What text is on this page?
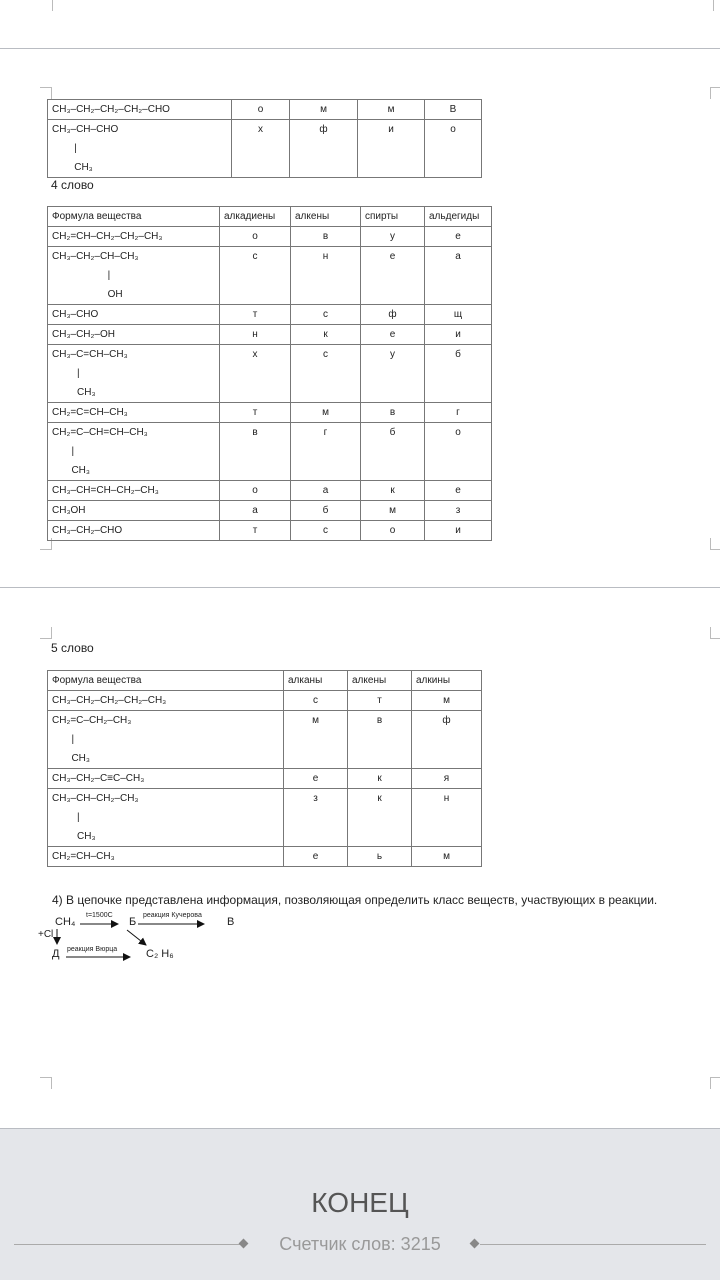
CH₃–CH₂–CH₂–CH₂–CHO	о	м	м	В

CH₃–CH–CHO
|
CH₃	х	ф	и	о
4 слово
Формула вещества	алкадиены	алкены	спирты	альдегиды

CH₂=CH–CH₂–CH₂–CH₃	о	в	у	е

CH₃–CH₂–CH–CH₃
|
OH	с	н	е	а

CH₃–CHO	т	с	ф	щ

CH₃–CH₂–OH	н	к	е	и

CH₃–C=CH–CH₃
|
CH₃	х	с	у	б

CH₂=C=CH–CH₃	т	м	в	г

CH₂=C–CH=CH–CH₃
|
CH₃	в	г	б	о

CH₃–CH=CH–CH₂–CH₃	о	а	к	е

CH₃OH	а	б	м	з

CH₃–CH₂–CHO	т	с	о	и
5 слово
Формула вещества	алканы	алкены	алкины

CH₃–CH₂–CH₂–CH₂–CH₃	с	т	м

CH₂=C–CH₂–CH₃
|
CH₃	м	в	ф

CH₃–CH₂–C≡C–CH₃	е	к	я

CH₃–CH–CH₂–CH₃
|
CH₃	з	к	н

CH₂=CH–CH₃	е	ь	м
4) В цепочке представлена информация, позволяющая определить класс веществ, участвующих в реакции.
CH₄
t=1500C
Б
реакция Кучерова
В
+Cl
Д реакция Вюрца	C₂ H₆
КОНЕЦ
Счетчик слов: 3215
